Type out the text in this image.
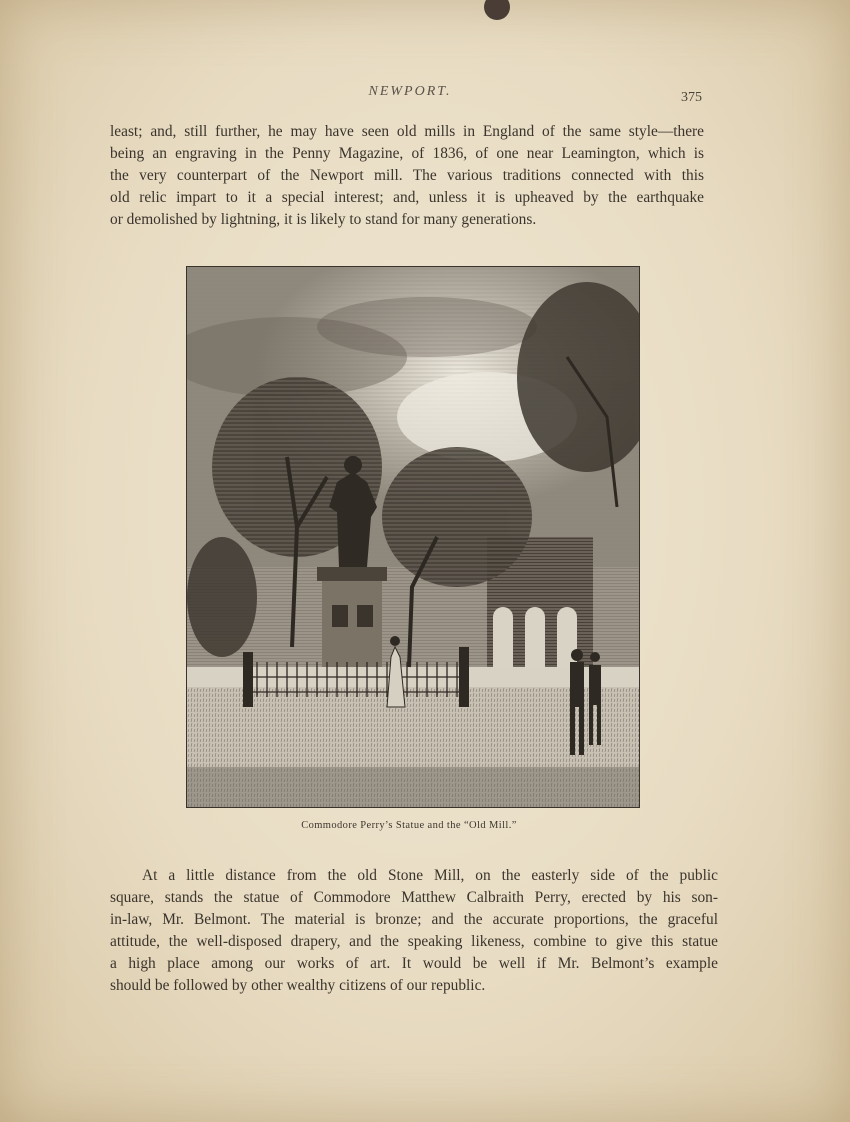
NEWPORT.	375
least; and, still further, he may have seen old mills in England of the same style—there
being an engraving in the Penny Magazine, of 1836, of one near Leamington, which is
the very counterpart of the Newport mill. The various traditions connected with this
old relic impart to it a special interest; and, unless it is upheaved by the earthquake
or demolished by lightning, it is likely to stand for many generations.
Commodore Perry’s Statue and the “Old Mill.”
At a little distance from the old Stone Mill, on the easterly side of the public
square, stands the statue of Commodore Matthew Calbraith Perry, erected by his son-
in-law, Mr. Belmont. The material is bronze; and the accurate proportions, the graceful
attitude, the well-disposed drapery, and the speaking likeness, combine to give this statue
a high place among our works of art. It would be well if Mr. Belmont’s example
should be followed by other wealthy citizens of our republic.
